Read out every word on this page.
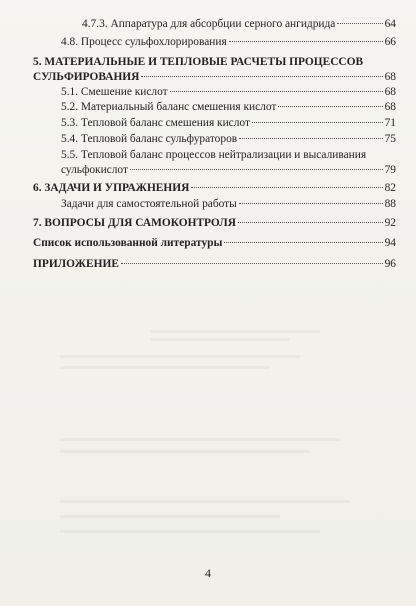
4.7.3. Аппаратура для абсорбции серного ангидрида	64
4.8. Процесс сульфохлорирования	66
5. МАТЕРИАЛЬНЫЕ И ТЕПЛОВЫЕ РАСЧЕТЫ ПРОЦЕССОВ
СУЛЬФИРОВАНИЯ	68
5.1. Смешение кислот	68
5.2. Материальный баланс смешения кислот	68
5.3. Тепловой баланс смешения кислот	71
5.4. Тепловой баланс сульфураторов	75
5.5. Тепловой баланс процессов нейтрализации и высаливания
сульфокислот	79
6. ЗАДАЧИ И УПРАЖНЕНИЯ	82
Задачи для самостоятельной работы	88
7. ВОПРОСЫ ДЛЯ САМОКОНТРОЛЯ	92
Список использованной литературы	94
ПРИЛОЖЕНИЕ	96
4
